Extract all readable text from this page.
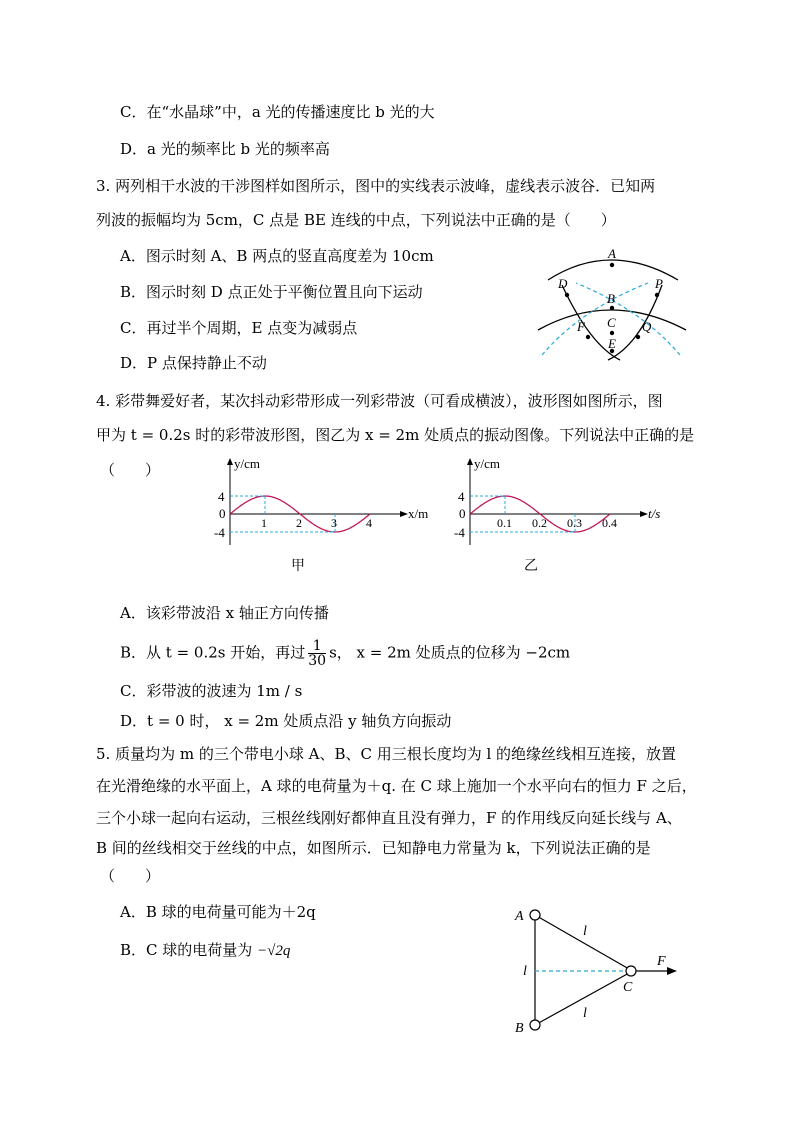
C．在“水晶球”中，a 光的传播速度比 b 光的大
D．a 光的频率比 b 光的频率高
3. 两列相干水波的干涉图样如图所示，图中的实线表示波峰，虚线表示波谷．已知两
列波的振幅均为 5cm，C 点是 BE 连线的中点，下列说法中正确的是（　　）
A．图示时刻 A、B 两点的竖直高度差为 10cm
B．图示时刻 D 点正处于平衡位置且向下运动
C．再过半个周期，E 点变为减弱点
D．P 点保持静止不动
A
D	P
B
C
F	Q
E
4. 彩带舞爱好者，某次抖动彩带形成一列彩带波（可看成横波），波形图如图所示，图
甲为 t = 0.2s 时的彩带波形图，图乙为 x = 2m 处质点的振动图像。下列说法中正确的是
（　　）	y/cm
x/m
0
4
-4
1 2 3 4
甲
y/cm
t/s
0
4
-4
0.1 0.2 0.3 0.4
乙
A．该彩带波沿 x 轴正方向传播
B．从 t = 0.2s 开始，再过 $\frac{1}{30}$ s， x = 2m 处质点的位移为 −2cm
C．彩带波的波速为 1m / s
D．t = 0 时， x = 2m 处质点沿 y 轴负方向振动
5. 质量均为 m 的三个带电小球 A、B、C 用三根长度均为 l 的绝缘丝线相互连接，放置
在光滑绝缘的水平面上，A 球的电荷量为＋q. 在 C 球上施加一个水平向右的恒力 F 之后，
三个小球一起向右运动，三根丝线刚好都伸直且没有弹力，F 的作用线反向延长线与 A、
B 间的丝线相交于丝线的中点，如图所示．已知静电力常量为 k，下列说法正确的是
（　　）
A．B 球的电荷量可能为＋2q
B．C 球的电荷量为 −√2q
A
B
C
F
l
l
l
